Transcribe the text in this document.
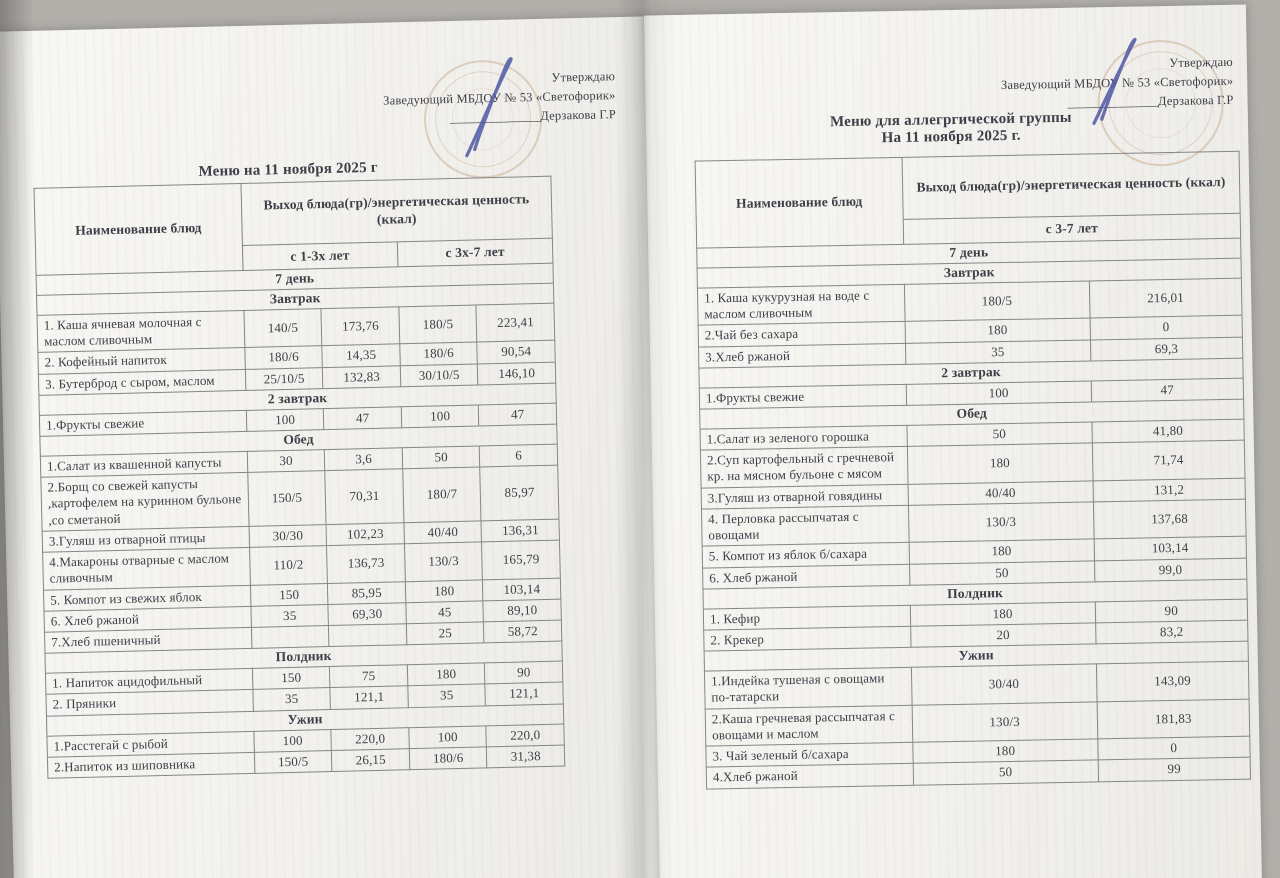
Утверждаю
Заведующий МБДОУ № 53 «Светофорик»
______________Дерзакова Г.Р
Меню на 11 ноября 2025 г
Наименование блюд	Выход блюда(гр)/энергетическая ценность (ккал)			
	с 1-3х лет		с 3х-7 лет	
7 день				
Завтрак				
1. Каша ячневая молочная с маслом сливочным	140/5	173,76	180/5	223,41
2. Кофейный напиток	180/6	14,35	180/6	90,54
3. Бутерброд с сыром, маслом	25/10/5	132,83	30/10/5	146,10
2 завтрак				
1.Фрукты свежие	100	47	100	47
Обед				
1.Салат из квашенной капусты	30	3,6	50	6
2.Борщ со свежей капусты ,картофелем на куринном бульоне ,со сметаной	150/5	70,31	180/7	85,97
3.Гуляш из отварной птицы	30/30	102,23	40/40	136,31
4.Макароны отварные с маслом сливочным	110/2	136,73	130/3	165,79
5. Компот из свежих яблок	150	85,95	180	103,14
6. Хлеб ржаной	35	69,30	45	89,10
7.Хлеб пшеничный			25	58,72
Полдник				
1. Напиток ацидофильный	150	75	180	90
2. Пряники	35	121,1	35	121,1
Ужин				
1.Расстегай с рыбой	100	220,0	100	220,0
2.Напиток из шиповника	150/5	26,15	180/6	31,38
Утверждаю
Заведующий МБДОУ № 53 «Светофорик»
______________Дерзакова Г.Р
Меню для аллегргической группы
На 11 ноября 2025 г.
Наименование блюд	Выход блюда(гр)/энергетическая ценность (ккал)	
	с 3-7 лет	
7 день		
Завтрак		
1. Каша кукурузная на воде с маслом сливочным	180/5	216,01
2.Чай без сахара	180	0
3.Хлеб ржаной	35	69,3
2 завтрак		
1.Фрукты свежие	100	47
Обед		
1.Салат из зеленого горошка	50	41,80
2.Суп картофельный с гречневой кр. на мясном бульоне с мясом	180	71,74
3.Гуляш из отварной говядины	40/40	131,2
4. Перловка рассыпчатая с овощами	130/3	137,68
5. Компот из яблок б/сахара	180	103,14
6. Хлеб ржаной	50	99,0
Полдник		
1. Кефир	180	90
2. Крекер	20	83,2
Ужин		
1.Индейка тушеная с овощами по-татарски	30/40	143,09
2.Каша гречневая рассыпчатая с овощами и маслом	130/3	181,83
3. Чай зеленый б/сахара	180	0
4.Хлеб ржаной	50	99
